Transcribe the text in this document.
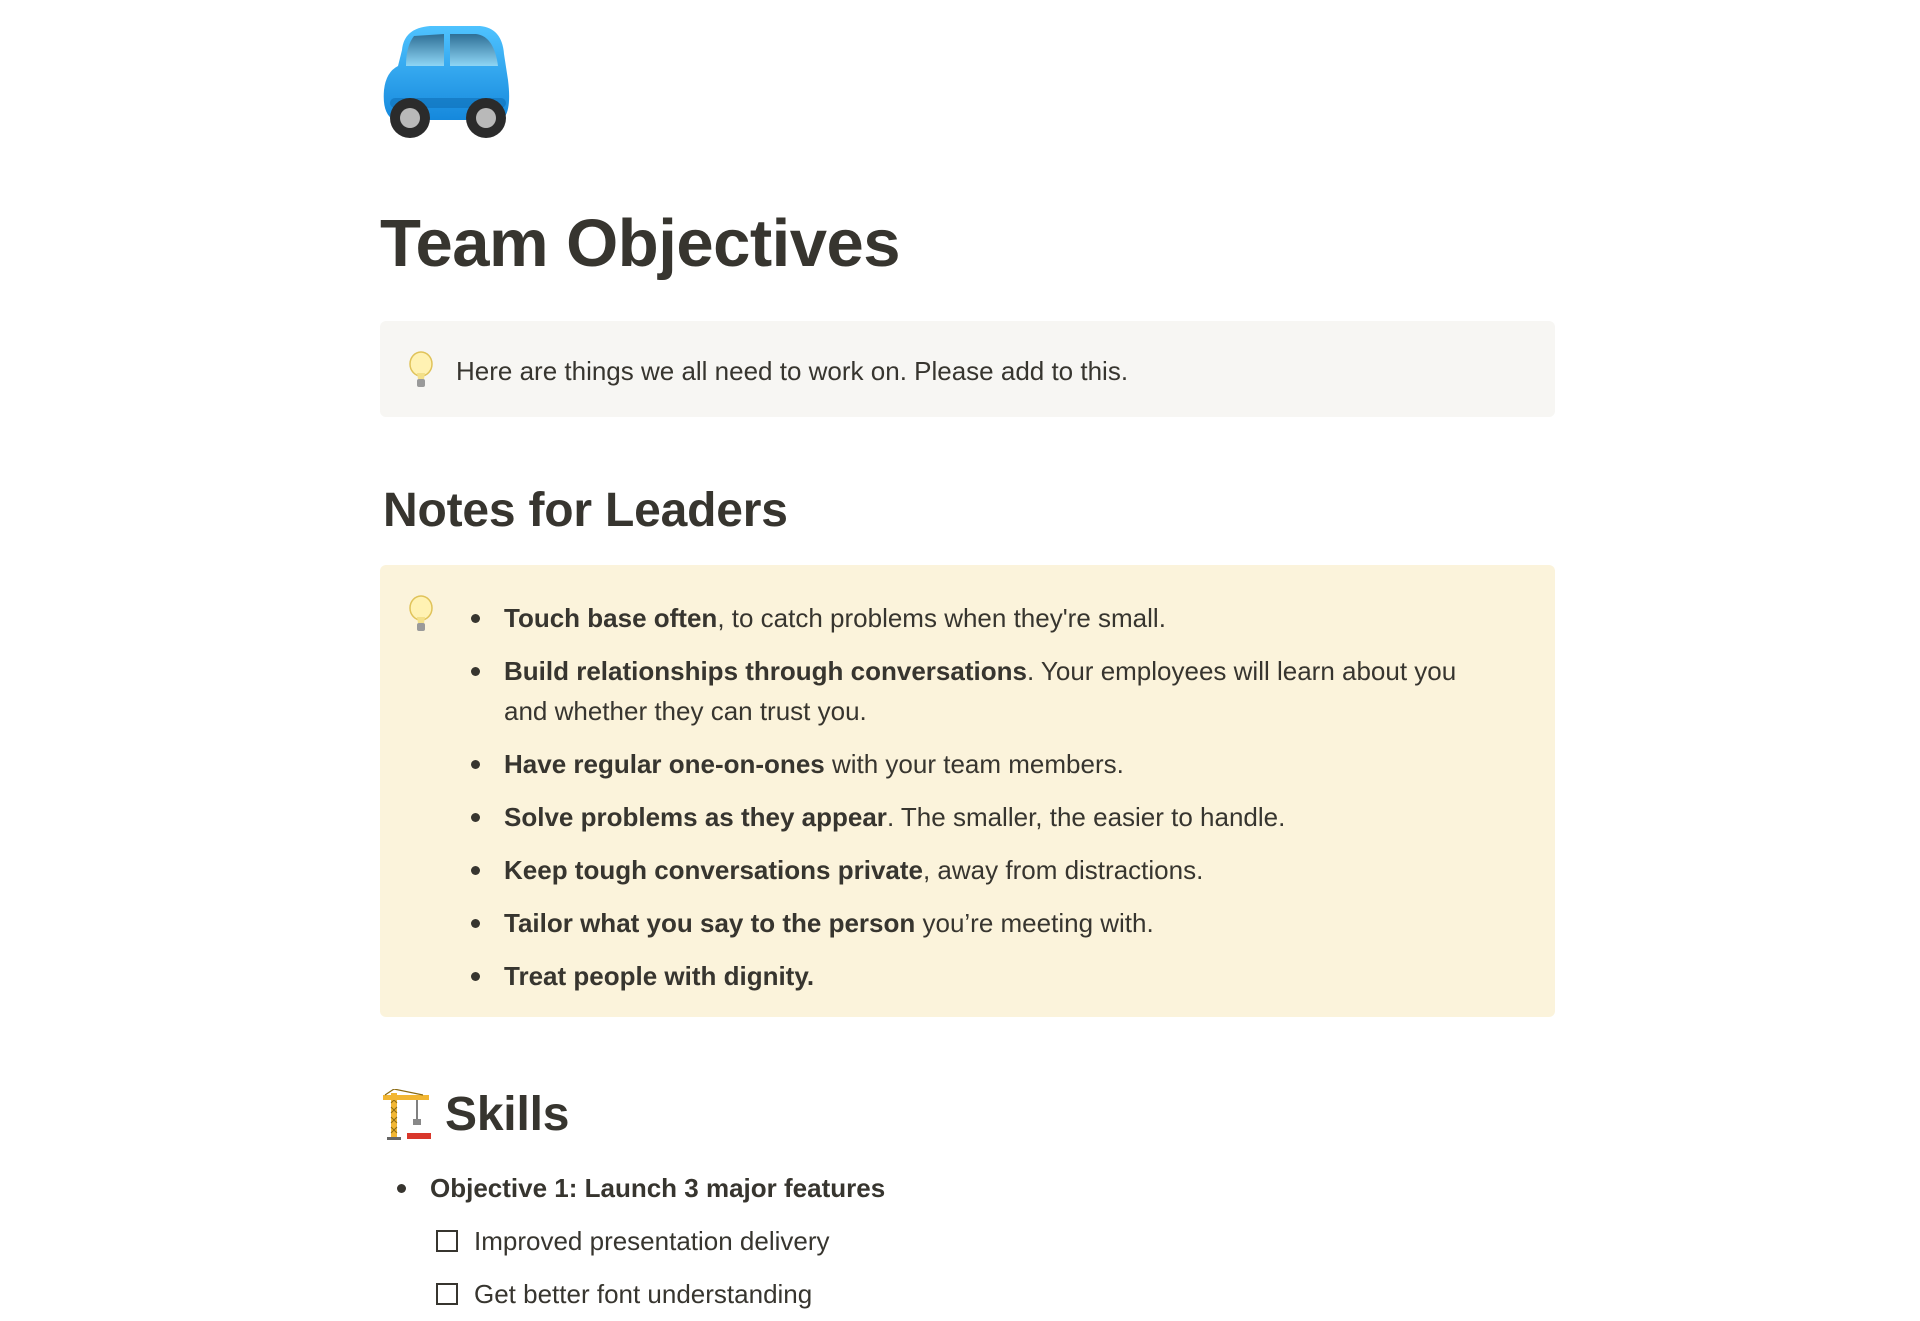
Team Objectives

Here are things we all need to work on. Please add to this.

Notes for Leaders
Touch base often, to catch problems when they're small.
Build relationships through conversations. Your employees will learn about you and whether they can trust you.
Have regular one-on-ones with your team members.
Solve problems as they appear. The smaller, the easier to handle.
Keep tough conversations private, away from distractions.
Tailor what you say to the person you’re meeting with.
Treat people with dignity.
Skills
Objective 1: Launch 3 major features
Improved presentation delivery
Get better font understanding
